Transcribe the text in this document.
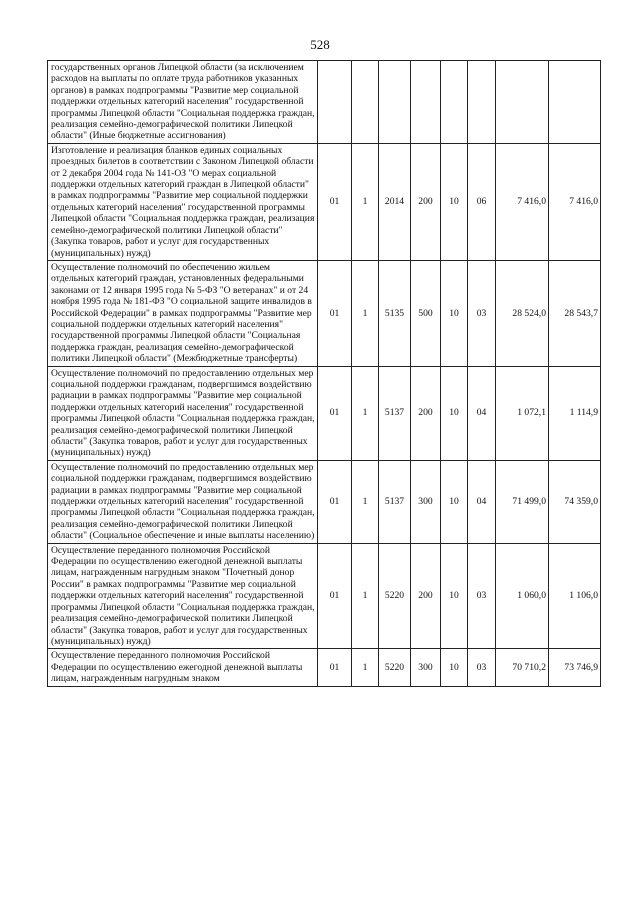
528
государственных органов Липецкой области (за исключением расходов на выплаты по оплате труда работников указанных органов) в рамках подпрограммы "Развитие мер социальной поддержки отдельных категорий населения" государственной программы Липецкой области "Социальная поддержка граждан, реализация семейно-демографической политики Липецкой области" (Иные бюджетные ассигнования)								
Изготовление и реализация бланков единых социальных проездных билетов в соответствии с Законом Липецкой области от 2 декабря 2004 года № 141-ОЗ "О мерах социальной поддержки отдельных категорий граждан в Липецкой области" в рамках подпрограммы "Развитие мер социальной поддержки отдельных категорий населения" государственной программы Липецкой области "Социальная поддержка граждан, реализация семейно-демографической политики Липецкой области" (Закупка товаров, работ и услуг для государственных (муниципальных) нужд)	01	1	2014	200	10	06	7 416,0	7 416,0
Осуществление полномочий по обеспечению жильем отдельных категорий граждан, установленных федеральными законами от 12 января 1995 года № 5-ФЗ "О ветеранах" и от 24 ноября 1995 года № 181-ФЗ "О социальной защите инвалидов в Российской Федерации" в рамках подпрограммы "Развитие мер социальной поддержки отдельных категорий населения" государственной программы Липецкой области "Социальная поддержка граждан, реализация семейно-демографической политики Липецкой области" (Межбюджетные трансферты)	01	1	5135	500	10	03	28 524,0	28 543,7
Осуществление полномочий по предоставлению отдельных мер социальной поддержки гражданам, подвергшимся воздействию радиации в рамках подпрограммы "Развитие мер социальной поддержки отдельных категорий населения" государственной программы Липецкой области "Социальная поддержка граждан, реализация семейно-демографической политики Липецкой области" (Закупка товаров, работ и услуг для государственных (муниципальных) нужд)	01	1	5137	200	10	04	1 072,1	1 114,9
Осуществление полномочий по предоставлению отдельных мер социальной поддержки гражданам, подвергшимся воздействию радиации в рамках подпрограммы "Развитие мер социальной поддержки отдельных категорий населения" государственной программы Липецкой области "Социальная поддержка граждан, реализация семейно-демографической политики Липецкой области" (Социальное обеспечение и иные выплаты населению)	01	1	5137	300	10	04	71 499,0	74 359,0
Осуществление переданного полномочия Российской Федерации по осуществлению ежегодной денежной выплаты лицам, награжденным нагрудным знаком "Почетный донор России" в рамках подпрограммы "Развитие мер социальной поддержки отдельных категорий населения" государственной программы Липецкой области "Социальная поддержка граждан, реализация семейно-демографической политики Липецкой области" (Закупка товаров, работ и услуг для государственных (муниципальных) нужд)	01	1	5220	200	10	03	1 060,0	1 106,0
Осуществление переданного полномочия Российской Федерации по осуществлению ежегодной денежной выплаты лицам, награжденным нагрудным знаком	01	1	5220	300	10	03	70 710,2	73 746,9
